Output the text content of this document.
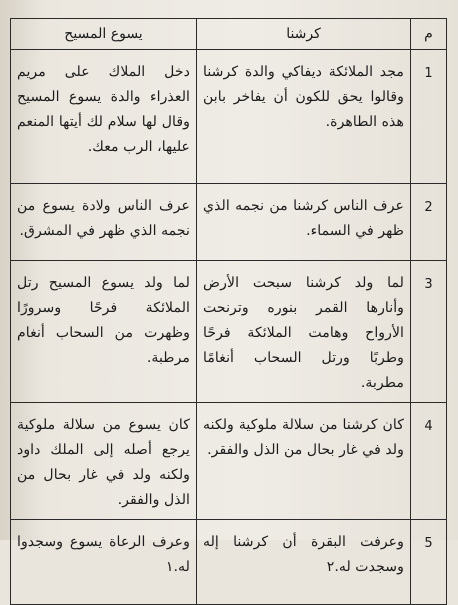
م	كرشنا	يسوع المسيح
1	مجد الملائكة ديفاكي والدة كرشنا وقالوا يحق للكون أن يفاخر بابن هذه الطاهرة.	دخل الملاك على مريم العذراء والدة يسوع المسيح وقال لها سلام لك أيتها المنعم عليها، الرب معك.
2	عرف الناس كرشنا من نجمه الذي ظهر في السماء.	عرف الناس ولادة يسوع من نجمه الذي ظهر في المشرق.
3	لما ولد كرشنا سبحت الأرض وأنارها القمر بنوره وترنحت الأرواح وهامت الملائكة فرحًا وطربًا ورتل السحاب أنغامًا مطربة.	لما ولد يسوع المسيح رتل الملائكة فرحًا وسرورًا وظهرت من السحاب أنغام مرطبة.
4	كان كرشنا من سلالة ملوكية ولكنه ولد في غار بحال من الذل والفقر.	كان يسوع من سلالة ملوكية يرجع أصله إلى الملك داود ولكنه ولد في غار بحال من الذل والفقر.
5	وعرفت البقرة أن كرشنا إله وسجدت له.٢	وعرف الرعاة يسوع وسجدوا له.١
